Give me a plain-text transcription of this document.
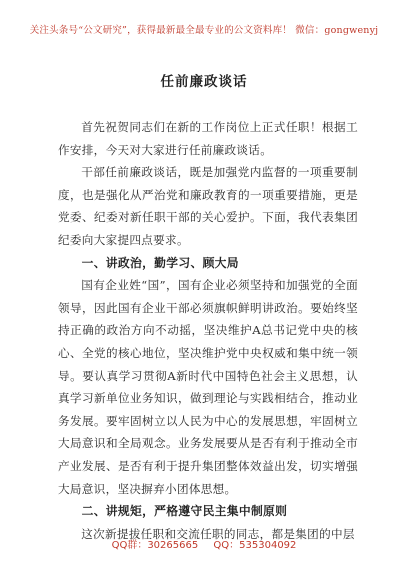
关注头条号“公文研究”，获得最新最全最专业的公文资料库！ 微信：gongwenyj
任前廉政谈话

首先祝贺同志们在新的工作岗位上正式任职！根据工作安排，今天对大家进行任前廉政谈话。

干部任前廉政谈话，既是加强党内监督的一项重要制度，也是强化从严治党和廉政教育的一项重要措施，更是党委、纪委对新任职干部的关心爱护。下面，我代表集团纪委向大家提四点要求。

一、讲政治，勤学习、顾大局

国有企业姓“国”，国有企业必须坚持和加强党的全面领导，因此国有企业干部必须旗帜鲜明讲政治。要始终坚持正确的政治方向不动摇，坚决维护A总书记党中央的核心、全党的核心地位，坚决维护党中央权威和集中统一领导。要认真学习贯彻A新时代中国特色社会主义思想，认真学习新单位业务知识，做到理论与实践相结合，推动业务发展。要牢固树立以人民为中心的发展思想，牢固树立大局意识和全局观念。业务发展要从是否有利于推动全市产业发展、是否有利于提升集团整体效益出发，切实增强大局意识，坚决摒弃小团体思想。

二、讲规矩，严格遵守民主集中制原则

这次新提拔任职和交流任职的同志，都是集团的中层

QQ群：30265665 QQ：535304092
